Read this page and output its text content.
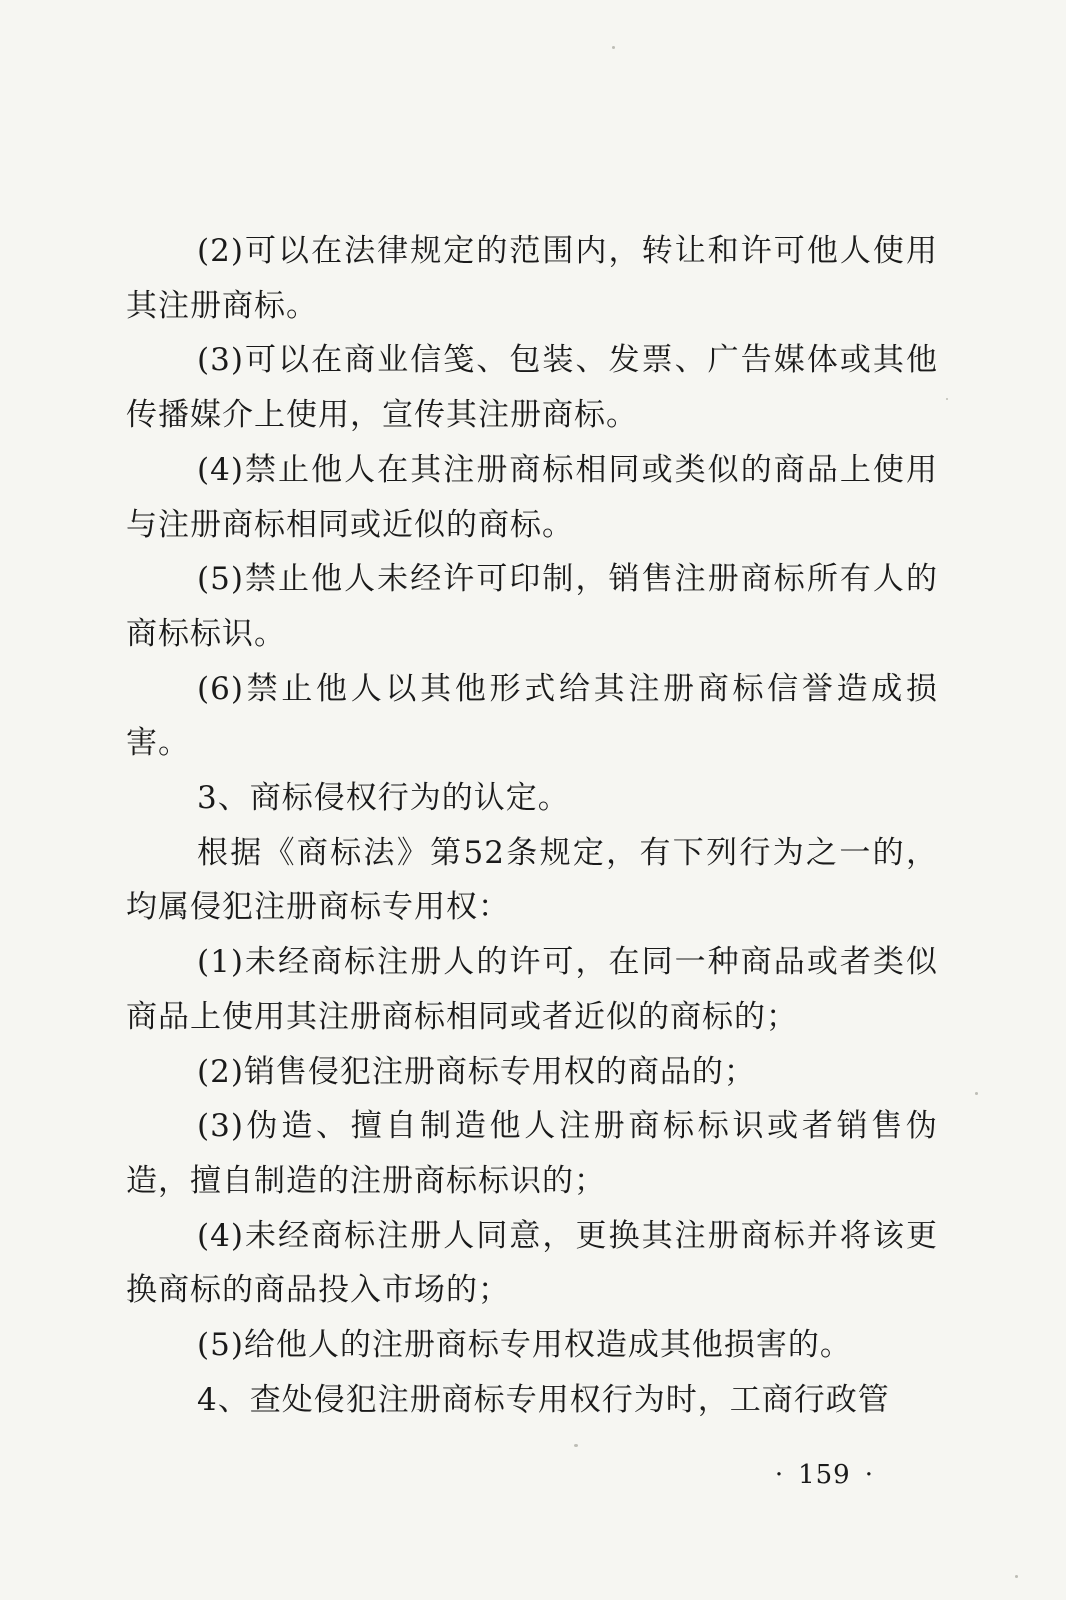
(2)可以在法律规定的范围内，转让和许可他人使用其注册商标。

(3)可以在商业信笺、包装、发票、广告媒体或其他传播媒介上使用，宣传其注册商标。

(4)禁止他人在其注册商标相同或类似的商品上使用与注册商标相同或近似的商标。

(5)禁止他人未经许可印制，销售注册商标所有人的商标标识。

(6)禁止他人以其他形式给其注册商标信誉造成损害。

3、商标侵权行为的认定。

根据《商标法》第52条规定，有下列行为之一的，均属侵犯注册商标专用权：

(1)未经商标注册人的许可，在同一种商品或者类似商品上使用其注册商标相同或者近似的商标的；

(2)销售侵犯注册商标专用权的商品的；

(3)伪造、擅自制造他人注册商标标识或者销售伪造，擅自制造的注册商标标识的；

(4)未经商标注册人同意，更换其注册商标并将该更换商标的商品投入市场的；

(5)给他人的注册商标专用权造成其他损害的。

4、查处侵犯注册商标专用权行为时，工商行政管

· 159 ·
